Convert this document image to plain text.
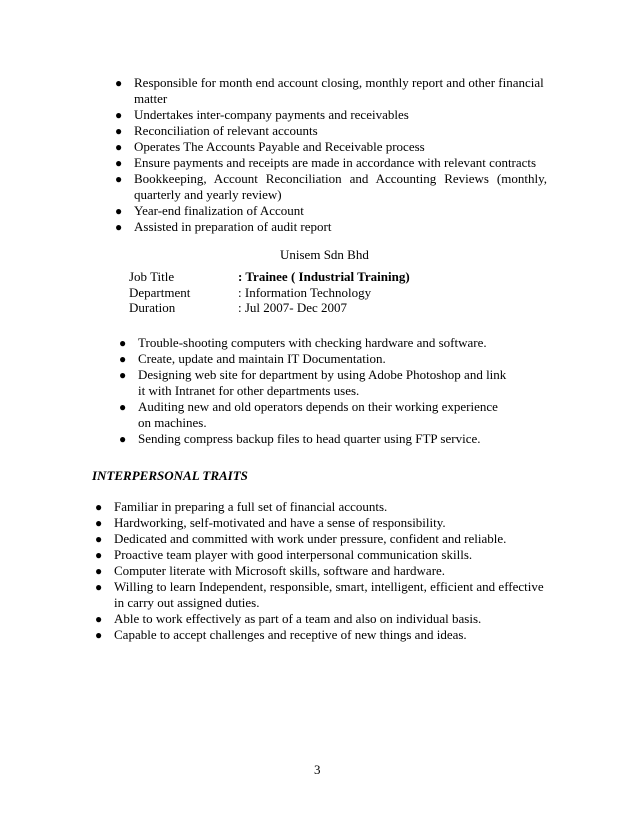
● Responsible for month end account closing, monthly report and other financial matter
● Undertakes inter-company payments and receivables
● Reconciliation of relevant accounts
● Operates The Accounts Payable and Receivable process
● Ensure payments and receipts are made in accordance with relevant contracts
● Bookkeeping, Account Reconciliation and Accounting Reviews (monthly, quarterly and yearly review)
● Year-end finalization of Account
● Assisted in preparation of audit report
Unisem Sdn Bhd
Job Title	: Trainee ( Industrial Training)
Department	: Information Technology
Duration	: Jul 2007- Dec 2007
● Trouble-shooting computers with checking hardware and software.
● Create, update and maintain IT Documentation.
● Designing web site for department by using Adobe Photoshop and link it with Intranet for other departments uses.
● Auditing new and old operators depends on their working experience on machines.
● Sending compress backup files to head quarter using FTP service.
INTERPERSONAL TRAITS
● Familiar in preparing a full set of financial accounts.
● Hardworking, self-motivated and have a sense of responsibility.
● Dedicated and committed with work under pressure, confident and reliable.
● Proactive team player with good interpersonal communication skills.
● Computer literate with Microsoft skills, software and hardware.
● Willing to learn Independent, responsible, smart, intelligent, efficient and effective in carry out assigned duties.
● Able to work effectively as part of a team and also on individual basis.
● Capable to accept challenges and receptive of new things and ideas.
3
